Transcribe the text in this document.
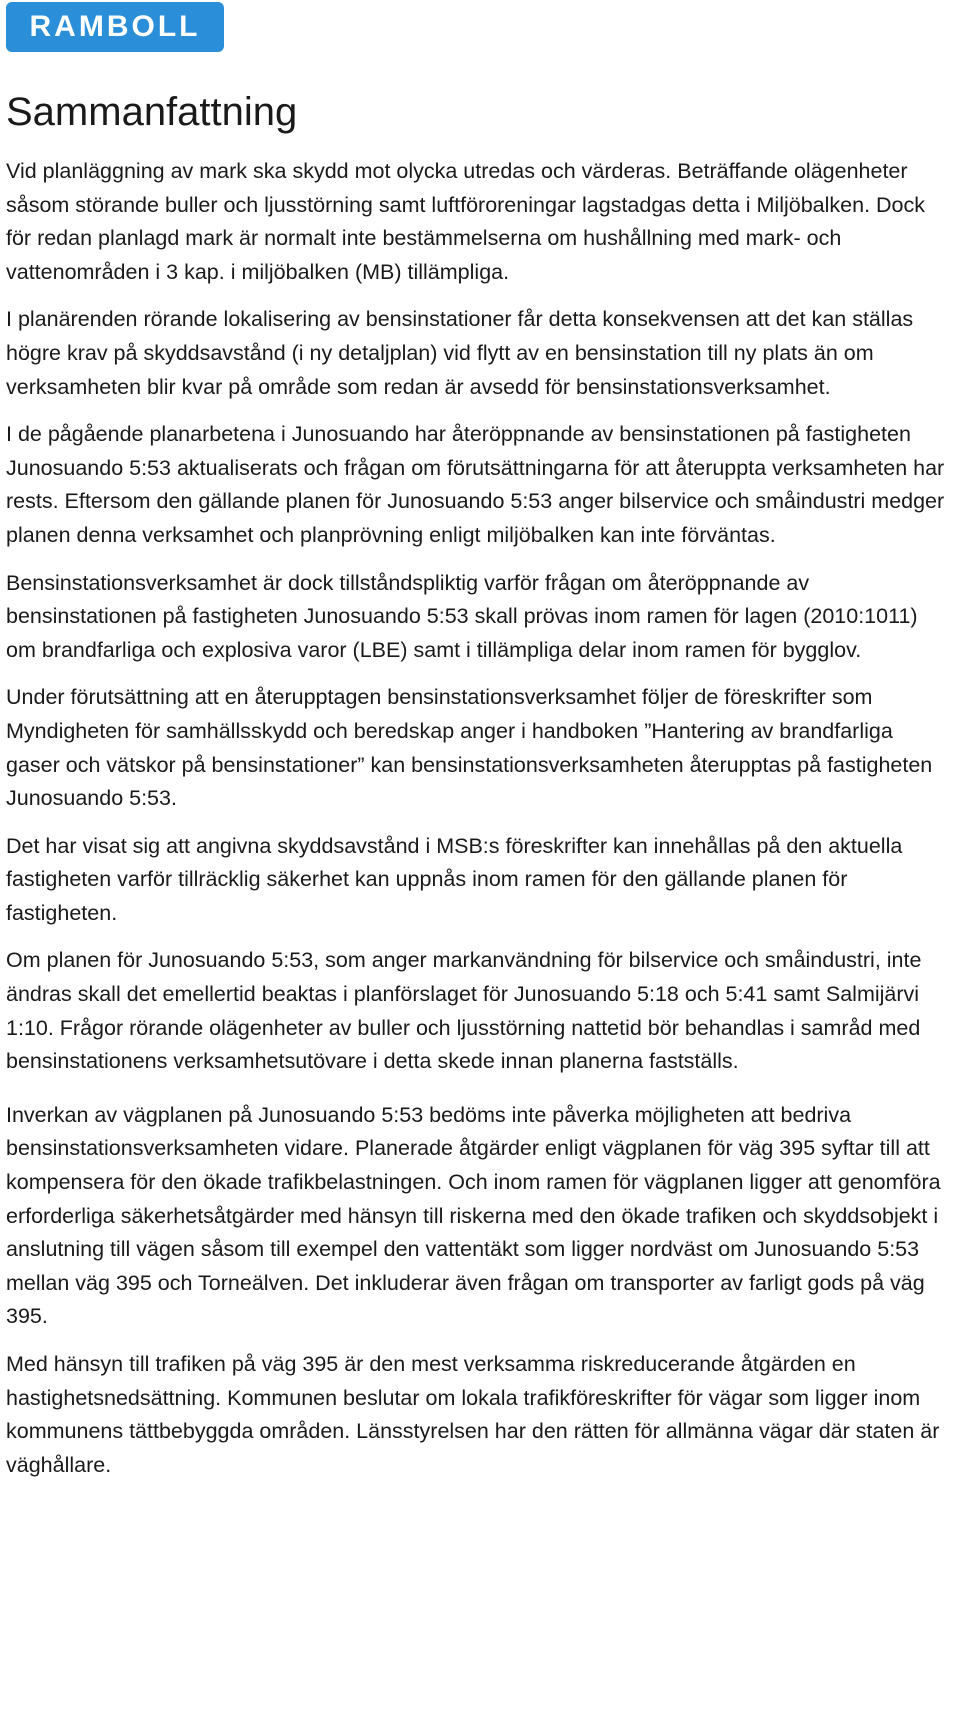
RAMBOLL
Sammanfattning

Vid planläggning av mark ska skydd mot olycka utredas och värderas. Beträffande olägenheter såsom störande buller och ljusstörning samt luftföroreningar lagstadgas detta i Miljöbalken. Dock för redan planlagd mark är normalt inte bestämmelserna om hushållning med mark- och vattenområden i 3 kap. i miljöbalken (MB) tillämpliga.

I planärenden rörande lokalisering av bensinstationer får detta konsekvensen att det kan ställas högre krav på skyddsavstånd (i ny detaljplan) vid flytt av en bensinstation till ny plats än om verksamheten blir kvar på område som redan är avsedd för bensinstationsverksamhet.

I de pågående planarbetena i Junosuando har återöppnande av bensinstationen på fastigheten Junosuando 5:53 aktualiserats och frågan om förutsättningarna för att återuppta verksamheten har rests. Eftersom den gällande planen för Junosuando 5:53 anger bilservice och småindustri medger planen denna verksamhet och planprövning enligt miljöbalken kan inte förväntas.

Bensinstationsverksamhet är dock tillståndspliktig varför frågan om återöppnande av bensinstationen på fastigheten Junosuando 5:53 skall prövas inom ramen för lagen (2010:1011) om brandfarliga och explosiva varor (LBE) samt i tillämpliga delar inom ramen för bygglov.

Under förutsättning att en återupptagen bensinstationsverksamhet följer de föreskrifter som Myndigheten för samhällsskydd och beredskap anger i handboken ”Hantering av brandfarliga gaser och vätskor på bensinstationer” kan bensinstationsverksamheten återupptas på fastigheten Junosuando 5:53.

Det har visat sig att angivna skyddsavstånd i MSB:s föreskrifter kan innehållas på den aktuella fastigheten varför tillräcklig säkerhet kan uppnås inom ramen för den gällande planen för fastigheten.

Om planen för Junosuando 5:53, som anger markanvändning för bilservice och småindustri, inte ändras skall det emellertid beaktas i planförslaget för Junosuando 5:18 och 5:41 samt Salmijärvi 1:10. Frågor rörande olägenheter av buller och ljusstörning nattetid bör behandlas i samråd med bensinstationens verksamhetsutövare i detta skede innan planerna fastställs.

Inverkan av vägplanen på Junosuando 5:53 bedöms inte påverka möjligheten att bedriva bensinstationsverksamheten vidare. Planerade åtgärder enligt vägplanen för väg 395 syftar till att kompensera för den ökade trafikbelastningen. Och inom ramen för vägplanen ligger att genomföra erforderliga säkerhetsåtgärder med hänsyn till riskerna med den ökade trafiken och skyddsobjekt i anslutning till vägen såsom till exempel den vattentäkt som ligger nordväst om Junosuando 5:53 mellan väg 395 och Torneälven. Det inkluderar även frågan om transporter av farligt gods på väg 395.

Med hänsyn till trafiken på väg 395 är den mest verksamma riskreducerande åtgärden en hastighetsnedsättning. Kommunen beslutar om lokala trafikföreskrifter för vägar som ligger inom kommunens tättbebyggda områden. Länsstyrelsen har den rätten för allmänna vägar där staten är väghållare.
